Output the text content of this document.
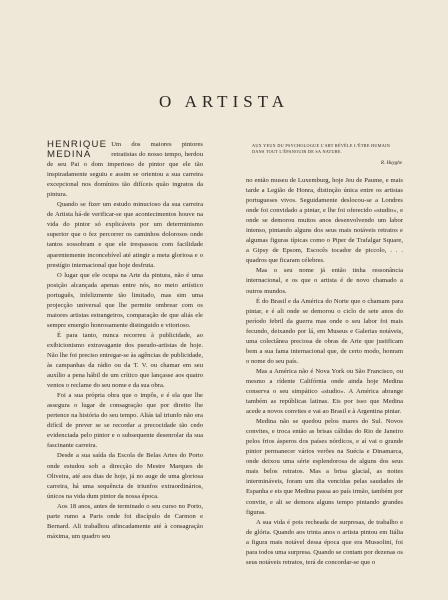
O ARTISTA
AUX YEUX DU PSYCHOLOGUE L'ART RÉVÈLE L'ÊTRE HUMAIN DANS TOUT L'ÉPANOUIR DE SA NATURE.
R. Huyghe
HENRIQUE
MEDINA

Um dos maiores pintores retratistas do nosso tempo, herdou de seu Pai o dom imperioso de pintor que ele tão inspiradamente seguiu e assim se orientou a sua carreira excepcional nos domínios tão difíceis quão ingratos da pintura.

Quando se fizer um estudo minucioso da sua carreira de Artista há-de verificar-se que acontecimentos houve na vida do pintor só explicáveis por um determinismo superior que o fez percorrer os caminhos dolorosos onde tantos sossobram e que ele trespassou com facilidade aparentemente inconcebível até atingir a meta gloriosa e o prestígio internacional que hoje desfruta.

O lugar que ele ocupa na Arte da pintura, não é uma posição alcançada apenas entre nós, no meio artístico português, infelizmente tão limitado, mas sim uma projecção universal que lhe permite ombrear com os maiores artistas estrangeiros, comparação de que aliás ele sempre emergio honrosamente distinguido e vitorioso.

É para tanto, nunca recorreu à publicidade, ao exibicionismo extravagante dos pseudo-artistas de hoje. Não lhe foi preciso entregar-se às agências de publicidade, às campanhas da rádio ou da T. V. ou chamar em seu auxílio a pena hábil de um crítico que lançasse aos quatro ventos o reclame do seu nome e da sua obra.

Foi a sua própria obra que o impôs, e é ela que lhe assegura o lugar de consagração que por direito lhe pertence na história do seu tempo. Aliás tal triunfo não era difícil de prever se se recordar a precocidade tão cedo evidenciada pelo pintor e o subsequente desenrolar da sua fascinante carreira.

Desde a sua saída da Escola de Belas Artes do Porto onde estudou sob a direcção do Mestre Marques de Oliveira, até aos dias de hoje, já no auge de uma gloriosa carreira, há uma sequência de triunfos extraordinários, únicos na vida dum pintor da nossa época.

Aos 18 anos, antes de terminado o seu curso no Porto, parte rumo a Paris onde foi discípulo de Carmon e Bernard. Ali trabalhou afincadamente até à consagração máxima, um quadro seu

no então museu de Luxemburg, hoje Jeu de Paume, e mais tarde a Legião de Honra, distinção única entre os artistas portugueses vivos. Seguidamente deslocou-se a Londres onde foi convidado a pintar, e lhe foi oferecido «studio», e onde se demorou muitos anos desenvolvendo um labor intenso, pintando alguns dos seus mais notáveis retratos e algumas figuras típicas como o Piper de Trafalgar Square, a Gipsy de Epsom, Escocês tocador de piccolo, . . . quadros que ficaram célebres.

Mas o seu nome já então tinha ressonância internacional, e os que o artista é de novo chamado a outros mundos.

É do Brasil e da América do Norte que o chamam para pintar, e é ali onde se demorou o ciclo de sete anos do período febril da guerra mas onde o seu labor foi mais fecundo, deixando por lá, em Museus e Galerias notáveis, uma colectânea preciosa de obras de Arte que justificam bem a sua fama internacional que, de certo modo, honram o nome do seu país.

Mas a América não é Nova York ou São Francisco, ou mesmo a rídente Califórnia onde ainda hoje Medina conserva o seu simpático «studio». A América abrange também as repúblicas latinas. Eis por isso que Medina acede a novos convites e vai ao Brasil e à Argentina pintar.

Medina não se quedou pelos mares do Sul. Novos convites, e troca então as brisas cálidas do Rio de Janeiro pelos frios ásperos dos países nórdicos, e aí vai o grande pintor permanecer vários verões na Suécia e Dinamarca, onde deixou uma série esplendorosa de alguns dos seus mais belos retratos. Mas a brisa glacial, as noites intermináveis, foram um dia vencidas pelas saudades de Espanha e eis que Medina passa ao país irmão, também por convite, e ali se demora alguns tempo pintando grandes figuras.

A sua vida é pois recheada de surpresas, de trabalho e de glória. Quando aos trinta anos o artista pintou em Itália a figura mais notável dessa época que era Mussolini, foi para todos uma surpresa. Quando se contam por dezenas os seus notáveis retratos, terá de concordar-se que o
